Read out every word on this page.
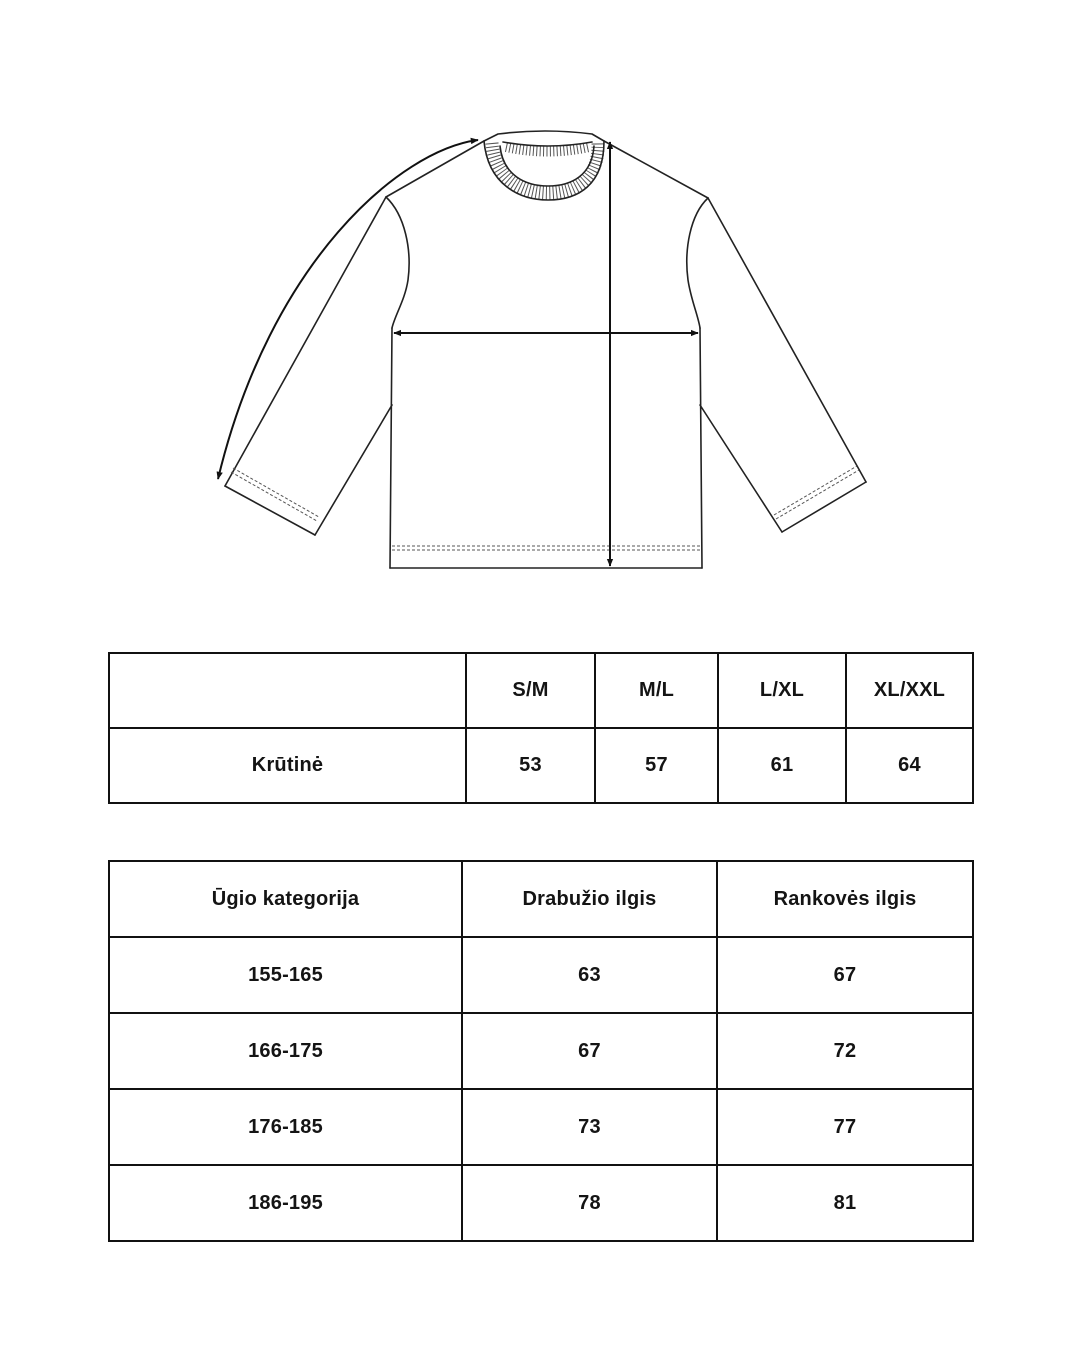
	S/M	M/L	L/XL	XL/XXL
Krūtinė	53	57	61	64
Ūgio kategorija	Drabužio ilgis	Rankovės ilgis
155-165	63	67
166-175	67	72
176-185	73	77
186-195	78	81
